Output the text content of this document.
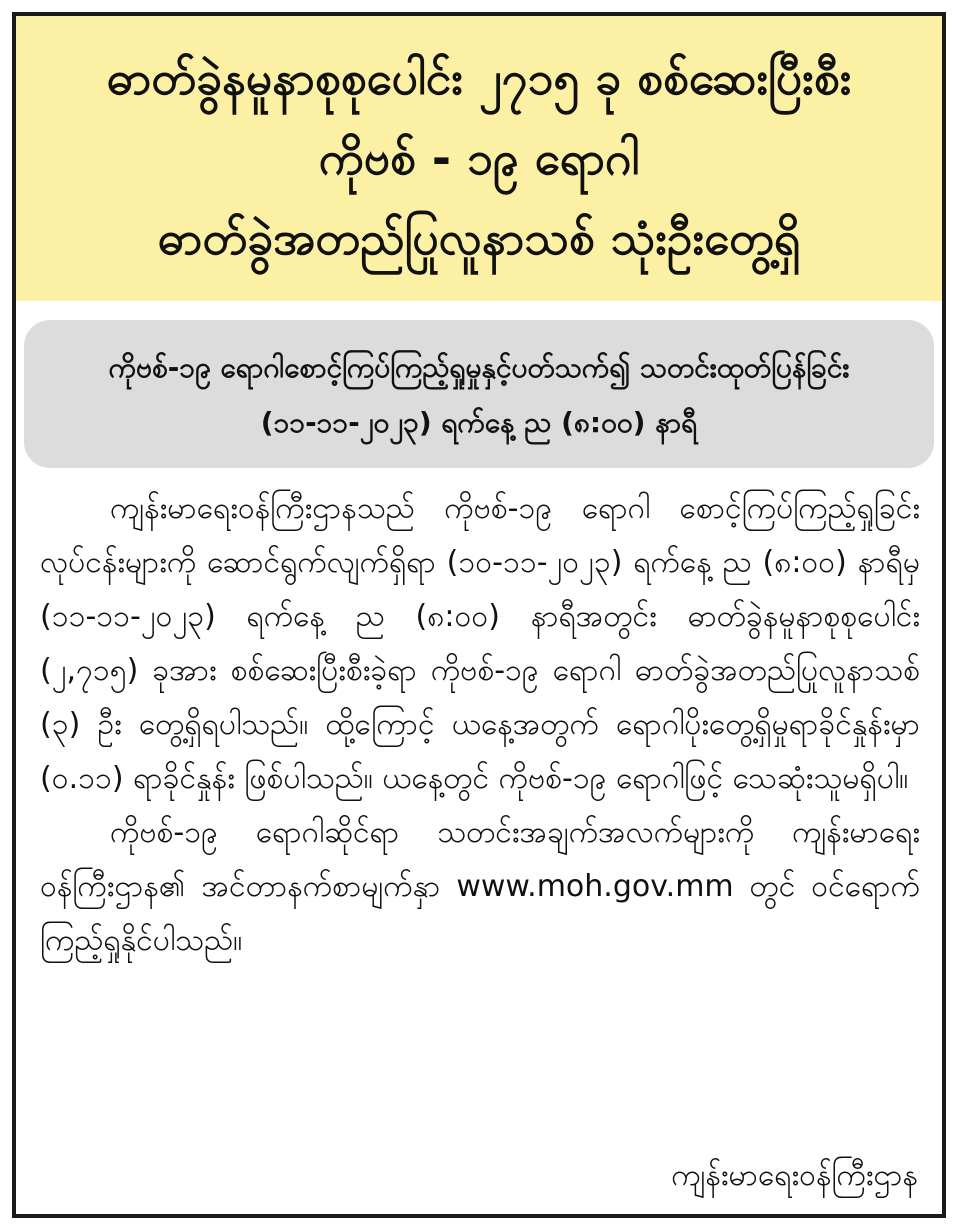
ဓာတ်ခွဲနမူနာစုစုပေါင်း ၂၇၁၅ ခု စစ်ဆေးပြီးစီး
ကိုဗစ် - ၁၉ ရောဂါ
ဓာတ်ခွဲအတည်ပြုလူနာသစ် သုံးဦးတွေ့ရှိ
ကိုဗစ်-၁၉ ရောဂါစောင့်ကြပ်ကြည့်ရှုမှုနှင့်ပတ်သက်၍ သတင်းထုတ်ပြန်ခြင်း
(၁၁-၁၁-၂၀၂၃) ရက်နေ့ ည (၈:၀၀) နာရီ

ကျန်းမာရေးဝန်ကြီးဌာနသည် ကိုဗစ်-၁၉ ရောဂါ စောင့်ကြပ်ကြည့်ရှုခြင်းလုပ်ငန်းများကို ဆောင်ရွက်လျက်ရှိရာ (၁၀-၁၁-၂၀၂၃) ရက်နေ့ ည (၈:၀၀) နာရီမှ (၁၁-၁၁-၂၀၂၃) ရက်နေ့ ည (၈:၀၀) နာရီအတွင်း ဓာတ်ခွဲနမူနာစုစုပေါင်း (၂,၇၁၅) ခုအား စစ်ဆေးပြီးစီးခဲ့ရာ ကိုဗစ်-၁၉ ရောဂါ ဓာတ်ခွဲအတည်ပြုလူနာသစ် (၃) ဦး တွေ့ရှိရပါသည်။ ထို့ကြောင့် ယနေ့အတွက် ရောဂါပိုးတွေ့ရှိမှုရာခိုင်နှုန်းမှာ (၀.၁၁) ရာခိုင်နှုန်း ဖြစ်ပါသည်။ ယနေ့တွင် ကိုဗစ်-၁၉ ရောဂါဖြင့် သေဆုံးသူမရှိပါ။

ကိုဗစ်-၁၉ ရောဂါဆိုင်ရာ သတင်းအချက်အလက်များကို ကျန်းမာရေးဝန်ကြီးဌာန၏ အင်တာနက်စာမျက်နှာ www.moh.gov.mm တွင် ဝင်ရောက်ကြည့်ရှုနိုင်ပါသည်။

ကျန်းမာရေးဝန်ကြီးဌာန
